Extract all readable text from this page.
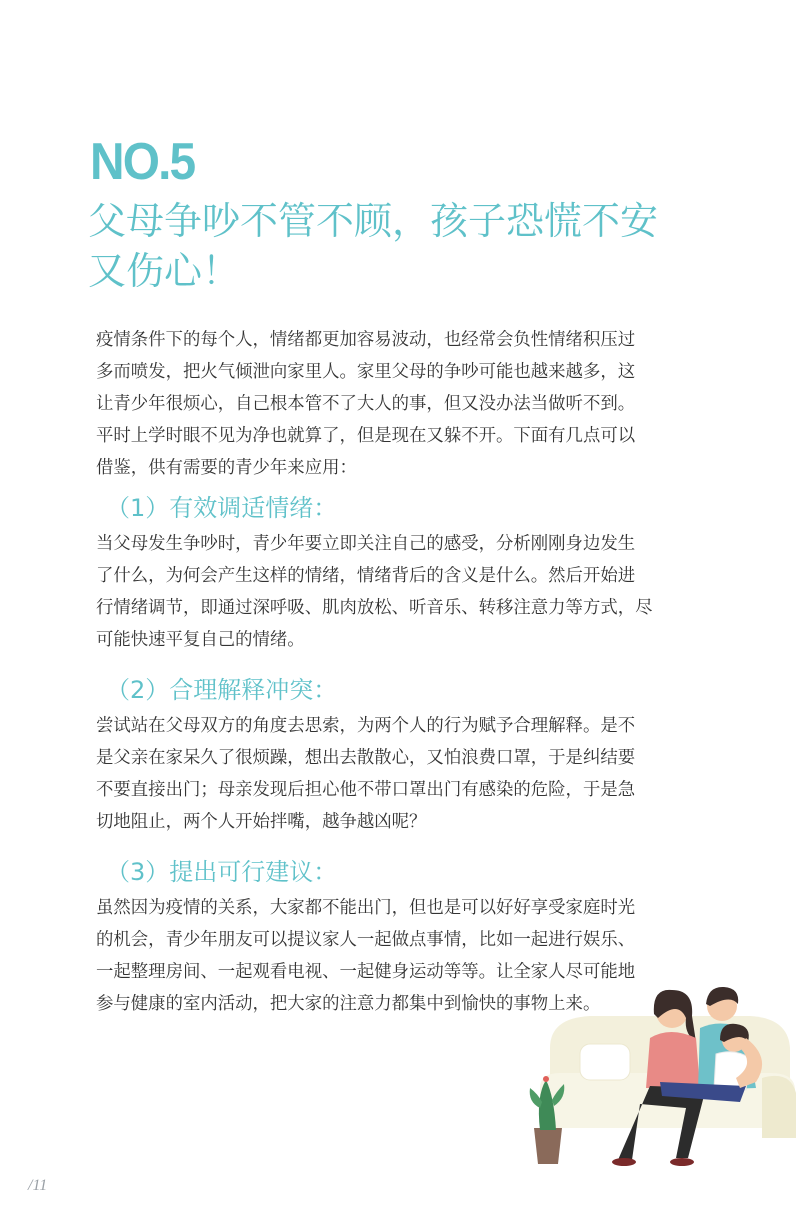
NO.5
父母争吵不管不顾，孩子恐慌不安
又伤心！
疫情条件下的每个人，情绪都更加容易波动，也经常会负性情绪积压过
多而喷发，把火气倾泄向家里人。家里父母的争吵可能也越来越多，这
让青少年很烦心，自己根本管不了大人的事，但又没办法当做听不到。
平时上学时眼不见为净也就算了，但是现在又躲不开。下面有几点可以
借鉴，供有需要的青少年来应用：
（1）有效调适情绪：
当父母发生争吵时，青少年要立即关注自己的感受，分析刚刚身边发生
了什么，为何会产生这样的情绪，情绪背后的含义是什么。然后开始进
行情绪调节，即通过深呼吸、肌肉放松、听音乐、转移注意力等方式，尽
可能快速平复自己的情绪。
（2）合理解释冲突：
尝试站在父母双方的角度去思索，为两个人的行为赋予合理解释。是不
是父亲在家呆久了很烦躁，想出去散散心，又怕浪费口罩，于是纠结要
不要直接出门；母亲发现后担心他不带口罩出门有感染的危险，于是急
切地阻止，两个人开始拌嘴，越争越凶呢？
（3）提出可行建议：
虽然因为疫情的关系，大家都不能出门，但也是可以好好享受家庭时光
的机会，青少年朋友可以提议家人一起做点事情，比如一起进行娱乐、
一起整理房间、一起观看电视、一起健身运动等等。让全家人尽可能地
参与健康的室内活动，把大家的注意力都集中到愉快的事物上来。
/11
